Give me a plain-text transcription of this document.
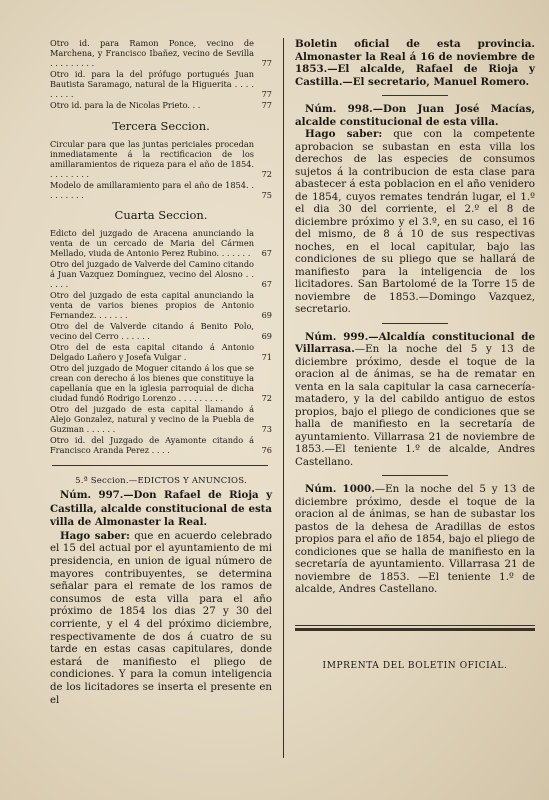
Otro id. para Ramon Ponce, vecino de Marchena, y Francisco Ibañez, vecino de Sevilla . . . . . . . . .	77
Otro id. para la del prófugo portugués Juan Bautista Saramago, natural de la Higuerita . . . . . . . . .	77
Otro id. para la de Nicolas Prieto. . .	77
Tercera Seccion.
Circular para que las juntas periciales procedan inmediatamente á la rectificacion de los amillaramientos de riqueza para el año de 1854. . . . . . . . .	72
Modelo de amillaramiento para el año de 1854. . . . . . . . .	75
Cuarta Seccion.
Edicto del juzgado de Aracena anunciando la venta de un cercado de Maria del Cármen Mellado, viuda de Antonio Perez Rubino. . . . . . . 67
Otro del juzgado de Valverde del Camino citando á Juan Vazquez Domínguez, vecino del Alosno . . . . . .	67
Otro del juzgado de esta capital anunciando la venta de varios bienes propios de Antonio Fernandez. . . . . . .	69
Otro del de Valverde citando á Benito Polo, vecino del Cerro . . . . . .	69
Otro del de esta capital citando á Antonio Delgado Lañero y Josefa Vulgar .	71
Otro del juzgado de Moguer citando á los que se crean con derecho á los bienes que constituye la capellanía que en la iglesia parroquial de dicha ciudad fundó Rodrigo Lorenzo . . . . . . . . .	72
Otro del juzgado de esta capital llamando á Alejo Gonzalez, natural y vecino de la Puebla de Guzman . . . . . .	73
Otro id. del Juzgado de Ayamonte citando á Francisco Aranda Perez . . . .	76
5.ª Seccion.—EDICTOS Y ANUNCIOS.

Núm. 997.—Don Rafael de Rioja y Castilla, alcalde constitucional de esta villa de Almonaster la Real.

Hago saber: que en acuerdo celebrado el 15 del actual por el ayuntamiento de mi presidencia, en union de igual número de mayores contribuyentes, se determina señalar para el remate de los ramos de consumos de esta villa para el año próximo de 1854 los dias 27 y 30 del corriente, y el 4 del próximo diciembre, respectivamente de dos á cuatro de su tarde en estas casas capitulares, donde estará de manifiesto el pliego de condiciones. Y para la comun inteligencia de los licitadores se inserta el presente en el

Boletin oficial de esta provincia. Almonaster la Real á 16 de noviembre de 1853.—El alcalde, Rafael de Rioja y Castilla.—El secretario, Manuel Romero.

Núm. 998.—Don Juan José Macías, alcalde constitucional de esta villa.

Hago saber: que con la competente aprobacion se subastan en esta villa los derechos de las especies de consumos sujetos á la contribucion de esta clase para abastecer á esta poblacion en el año venidero de 1854, cuyos remates tendrán lugar, el 1.º el dia 30 del corriente, el 2.º el 8 de diciembre próximo y el 3.º, en su caso, el 16 del mismo, de 8 á 10 de sus respectivas noches, en el local capitular, bajo las condiciones de su pliego que se hallará de manifiesto para la inteligencia de los licitadores. San Bartolomé de la Torre 15 de noviembre de 1853.—Domingo Vazquez, secretario.

Núm. 999.—Alcaldía constitucional de Villarrasa.—En la noche del 5 y 13 de diciembre próximo, desde el toque de la oracion al de ánimas, se ha de rematar en venta en la sala capitular la casa carnecería-matadero, y la del cabildo antiguo de estos propios, bajo el pliego de condiciones que se halla de manifiesto en la secretaría de ayuntamiento. Villarrasa 21 de noviembre de 1853.—El teniente 1.º de alcalde, Andres Castellano.

Núm. 1000.—En la noche del 5 y 13 de diciembre próximo, desde el toque de la oracion al de ánimas, se han de subastar los pastos de la dehesa de Aradillas de estos propios para el año de 1854, bajo el pliego de condiciones que se halla de manifiesto en la secretaría de ayuntamiento. Villarrasa 21 de noviembre de 1853. —El teniente 1.º de alcalde, Andres Castellano.

IMPRENTA DEL BOLETIN OFICIAL.
